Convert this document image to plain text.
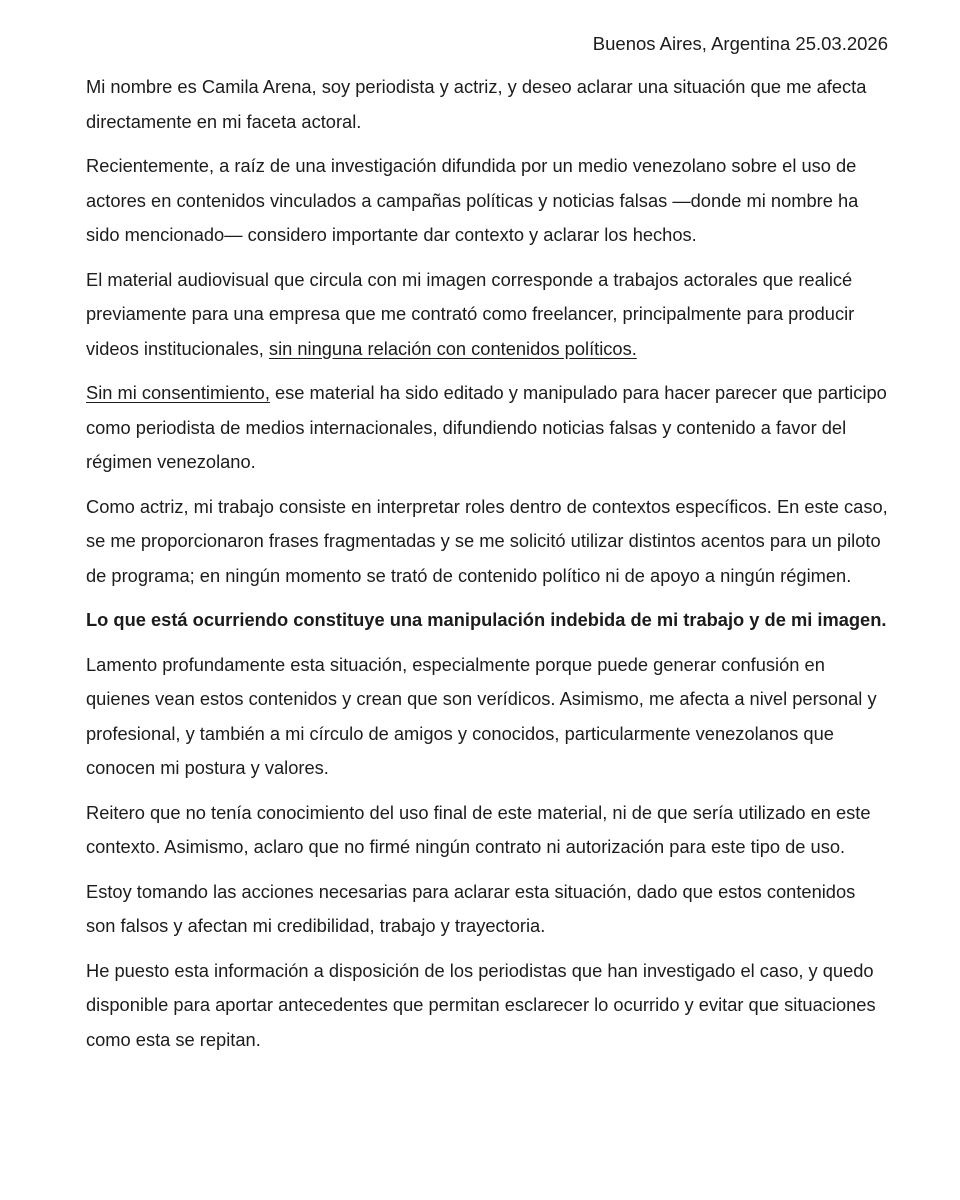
Buenos Aires, Argentina 25.03.2026

Mi nombre es Camila Arena, soy periodista y actriz, y deseo aclarar una situación que me afecta directamente en mi faceta actoral.

Recientemente, a raíz de una investigación difundida por un medio venezolano sobre el uso de actores en contenidos vinculados a campañas políticas y noticias falsas —donde mi nombre ha sido mencionado— considero importante dar contexto y aclarar los hechos.

El material audiovisual que circula con mi imagen corresponde a trabajos actorales que realicé previamente para una empresa que me contrató como freelancer, principalmente para producir videos institucionales, sin ninguna relación con contenidos políticos.

Sin mi consentimiento, ese material ha sido editado y manipulado para hacer parecer que participo como periodista de medios internacionales, difundiendo noticias falsas y contenido a favor del régimen venezolano.

Como actriz, mi trabajo consiste en interpretar roles dentro de contextos específicos. En este caso, se me proporcionaron frases fragmentadas y se me solicitó utilizar distintos acentos para un piloto de programa; en ningún momento se trató de contenido político ni de apoyo a ningún régimen.

Lo que está ocurriendo constituye una manipulación indebida de mi trabajo y de mi imagen.

Lamento profundamente esta situación, especialmente porque puede generar confusión en quienes vean estos contenidos y crean que son verídicos. Asimismo, me afecta a nivel personal y profesional, y también a mi círculo de amigos y conocidos, particularmente venezolanos que conocen mi postura y valores.

Reitero que no tenía conocimiento del uso final de este material, ni de que sería utilizado en este contexto. Asimismo, aclaro que no firmé ningún contrato ni autorización para este tipo de uso.

Estoy tomando las acciones necesarias para aclarar esta situación, dado que estos contenidos son falsos y afectan mi credibilidad, trabajo y trayectoria.

He puesto esta información a disposición de los periodistas que han investigado el caso, y quedo disponible para aportar antecedentes que permitan esclarecer lo ocurrido y evitar que situaciones como esta se repitan.
